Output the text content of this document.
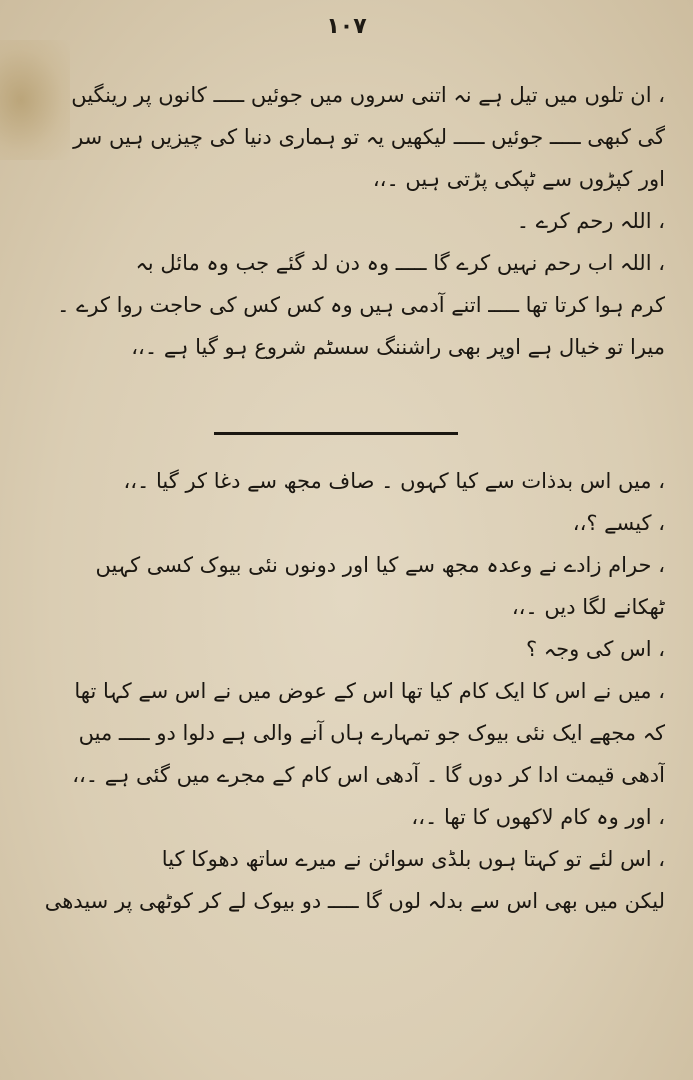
۱۰۷
، ان تلوں میں تیل ہے نہ اتنی سروں میں جوئیں ـــــ کانوں پر رینگیں
گی کبھی ـــــ جوئیں ـــــ لیکھیں یہ تو ہماری دنیا کی چیزیں ہیں سر
اور کپڑوں سے ٹپکی پڑتی ہیں ۔،،
، اللہ رحم کرے ۔
، اللہ اب رحم نہیں کرے گا ـــــ وہ دن لد گئے جب وہ مائل بہ
کرم ہوا کرتا تھا ـــــ اتنے آدمی ہیں وہ کس کس کی حاجت روا کرے ۔
میرا تو خیال ہے اوپر بھی راشننگ سسٹم شروع ہو گیا ہے ۔،،
، میں اس بدذات سے کیا کہوں ۔ صاف مجھ سے دغا کر گیا ۔،،
، کیسے ؟،،
، حرام زادے نے وعدہ مجھ سے کیا اور دونوں نئی بیوک کسی کہیں
ٹھکانے لگا دیں ۔،،
، اس کی وجہ ؟
، میں نے اس کا ایک کام کیا تھا اس کے عوض میں نے اس سے کہا تھا
کہ مجھے ایک نئی بیوک جو تمہارے ہاں آنے والی ہے دلوا دو ـــــ میں
آدھی قیمت ادا کر دوں گا ۔ آدھی اس کام کے مجرے میں گئی ہے ۔،،
، اور وہ کام لاکھوں کا تھا ۔،،
، اس لئے تو کہتا ہوں بلڈی سوائن نے میرے ساتھ دھوکا کیا
لیکن میں بھی اس سے بدلہ لوں گا ـــــ دو بیوک لے کر کوٹھی پر سیدھی
